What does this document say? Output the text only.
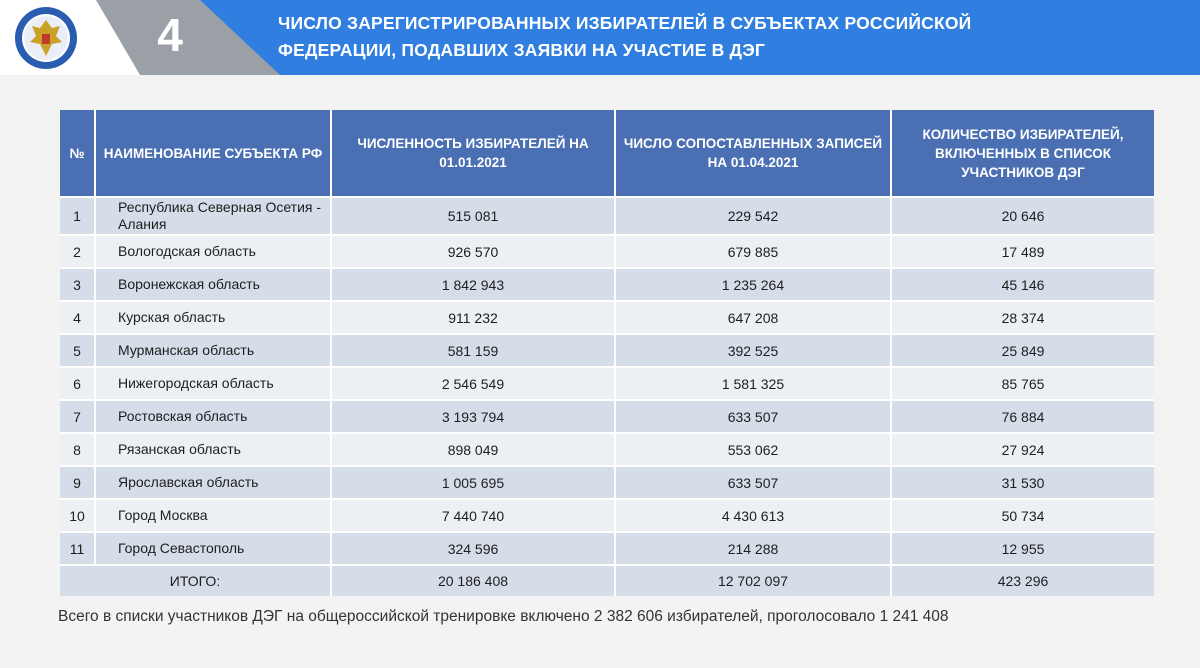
4	ЧИСЛО ЗАРЕГИСТРИРОВАННЫХ ИЗБИРАТЕЛЕЙ В СУБЪЕКТАХ РОССИЙСКОЙ
ФЕДЕРАЦИИ, ПОДАВШИХ ЗАЯВКИ НА УЧАСТИЕ В ДЭГ
№	НАИМЕНОВАНИЕ СУБЪЕКТА РФ	ЧИСЛЕННОСТЬ ИЗБИРАТЕЛЕЙ НА 01.01.2021	ЧИСЛО СОПОСТАВЛЕННЫХ ЗАПИСЕЙ НА 01.04.2021	КОЛИЧЕСТВО ИЗБИРАТЕЛЕЙ, ВКЛЮЧЕННЫХ В СПИСОК УЧАСТНИКОВ ДЭГ
1	Республика Северная Осетия - Алания	515 081	229 542	20 646
2	Вологодская область	926 570	679 885	17 489
3	Воронежская область	1 842 943	1 235 264	45 146
4	Курская область	911 232	647 208	28 374
5	Мурманская область	581 159	392 525	25 849
6	Нижегородская область	2 546 549	1 581 325	85 765
7	Ростовская область	3 193 794	633 507	76 884
8	Рязанская область	898 049	553 062	27 924
9	Ярославская область	1 005 695	633 507	31 530
10	Город Москва	7 440 740	4 430 613	50 734
11	Город Севастополь	324 596	214 288	12 955
ИТОГО:		20 186 408	12 702 097	423 296
Всего в списки участников ДЭГ на общероссийской тренировке включено 2 382 606 избирателей, проголосовало 1 241 408
